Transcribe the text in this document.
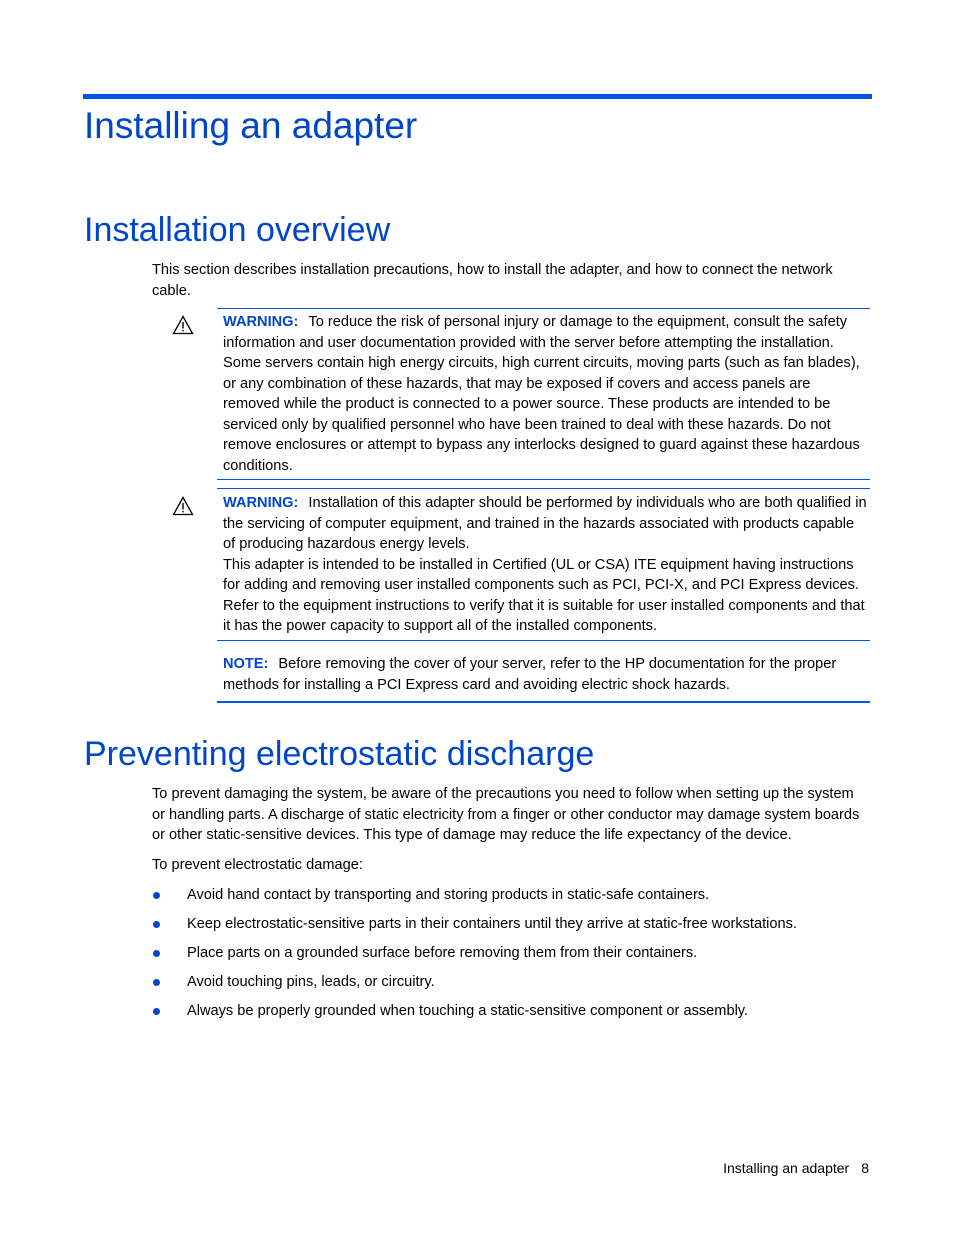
Installing an adapter
Installation overview

This section describes installation precautions, how to install the adapter, and how to connect the network cable.

WARNING: To reduce the risk of personal injury or damage to the equipment, consult the safety information and user documentation provided with the server before attempting the installation. Some servers contain high energy circuits, high current circuits, moving parts (such as fan blades), or any combination of these hazards, that may be exposed if covers and access panels are removed while the product is connected to a power source. These products are intended to be serviced only by qualified personnel who have been trained to deal with these hazards. Do not remove enclosures or attempt to bypass any interlocks designed to guard against these hazardous conditions.

WARNING: Installation of this adapter should be performed by individuals who are both qualified in the servicing of computer equipment, and trained in the hazards associated with products capable of producing hazardous energy levels.

This adapter is intended to be installed in Certified (UL or CSA) ITE equipment having instructions for adding and removing user installed components such as PCI, PCI-X, and PCI Express devices. Refer to the equipment instructions to verify that it is suitable for user installed components and that it has the power capacity to support all of the installed components.

NOTE: Before removing the cover of your server, refer to the HP documentation for the proper methods for installing a PCI Express card and avoiding electric shock hazards.

Preventing electrostatic discharge

To prevent damaging the system, be aware of the precautions you need to follow when setting up the system or handling parts. A discharge of static electricity from a finger or other conductor may damage system boards or other static-sensitive devices. This type of damage may reduce the life expectancy of the device.

To prevent electrostatic damage:

Avoid hand contact by transporting and storing products in static-safe containers.
Keep electrostatic-sensitive parts in their containers until they arrive at static-free workstations.
Place parts on a grounded surface before removing them from their containers.
Avoid touching pins, leads, or circuitry.
Always be properly grounded when touching a static-sensitive component or assembly.
Installing an adapter 8
